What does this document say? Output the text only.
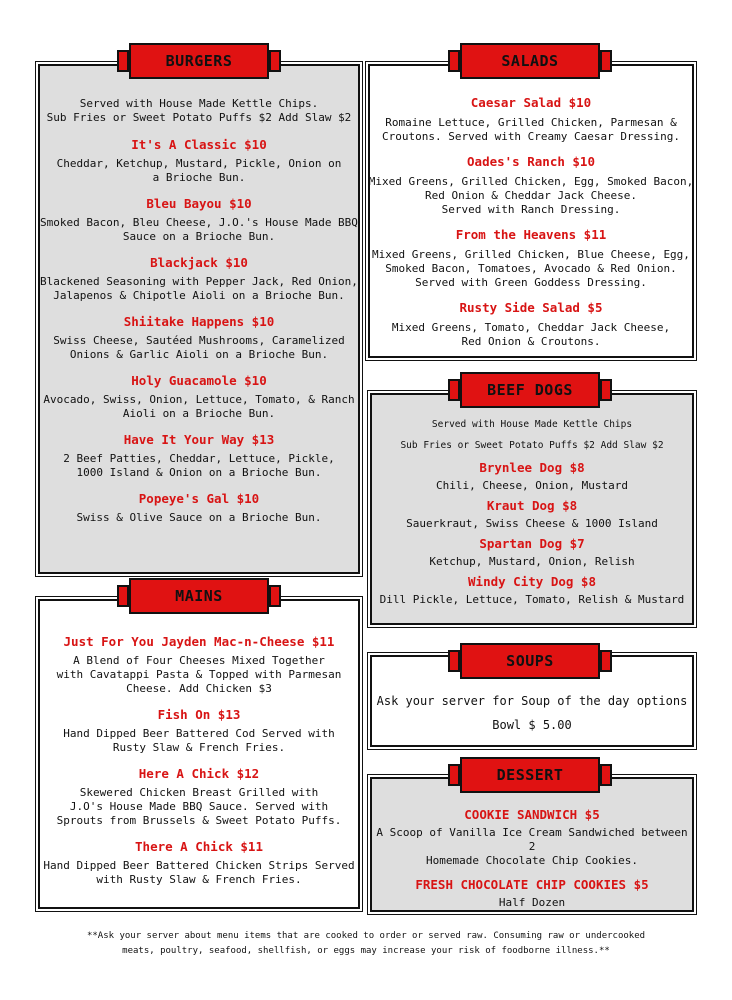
BURGERS
Served with House Made Kettle Chips.
Sub Fries or Sweet Potato Puffs $2 Add Slaw $2
It's A Classic $10
Cheddar, Ketchup, Mustard, Pickle, Onion on
a Brioche Bun.
Bleu Bayou $10
Smoked Bacon, Bleu Cheese, J.O.'s House Made BBQ
Sauce on a Brioche Bun.
Blackjack $10
Blackened Seasoning with Pepper Jack, Red Onion,
Jalapenos & Chipotle Aioli on a Brioche Bun.
Shiitake Happens $10
Swiss Cheese, Sautéed Mushrooms, Caramelized
Onions & Garlic Aioli on a Brioche Bun.
Holy Guacamole $10
Avocado, Swiss, Onion, Lettuce, Tomato, & Ranch
Aioli on a Brioche Bun.
Have It Your Way $13
2 Beef Patties, Cheddar, Lettuce, Pickle,
1000 Island & Onion on a Brioche Bun.
Popeye's Gal $10
Swiss & Olive Sauce on a Brioche Bun.
SALADS
Caesar Salad $10
Romaine Lettuce, Grilled Chicken, Parmesan &
Croutons. Served with Creamy Caesar Dressing.
Oades's Ranch $10
Mixed Greens, Grilled Chicken, Egg, Smoked Bacon,
Red Onion & Cheddar Jack Cheese.
Served with Ranch Dressing.
From the Heavens $11
Mixed Greens, Grilled Chicken, Blue Cheese, Egg,
Smoked Bacon, Tomatoes, Avocado & Red Onion.
Served with Green Goddess Dressing.
Rusty Side Salad $5
Mixed Greens, Tomato, Cheddar Jack Cheese,
Red Onion & Croutons.
BEEF DOGS
Served with House Made Kettle Chips
Sub Fries or Sweet Potato Puffs $2 Add Slaw $2
Brynlee Dog $8
Chili, Cheese, Onion, Mustard
Kraut Dog $8
Sauerkraut, Swiss Cheese & 1000 Island
Spartan Dog $7
Ketchup, Mustard, Onion, Relish
Windy City Dog $8
Dill Pickle, Lettuce, Tomato, Relish & Mustard
MAINS
Just For You Jayden Mac-n-Cheese $11
A Blend of Four Cheeses Mixed Together
with Cavatappi Pasta & Topped with Parmesan
Cheese. Add Chicken $3
Fish On $13
Hand Dipped Beer Battered Cod Served with
Rusty Slaw & French Fries.
Here A Chick $12
Skewered Chicken Breast Grilled with
J.O's House Made BBQ Sauce. Served with
Sprouts from Brussels & Sweet Potato Puffs.
There A Chick $11
Hand Dipped Beer Battered Chicken Strips Served
with Rusty Slaw & French Fries.
SOUPS
Ask your server for Soup of the day options
Bowl $ 5.00
DESSERT
COOKIE SANDWICH $5
A Scoop of Vanilla Ice Cream Sandwiched between 2
Homemade Chocolate Chip Cookies.
FRESH CHOCOLATE CHIP COOKIES $5
Half Dozen
**Ask your server about menu items that are cooked to order or served raw. Consuming raw or undercooked
meats, poultry, seafood, shellfish, or eggs may increase your risk of foodborne illness.**
